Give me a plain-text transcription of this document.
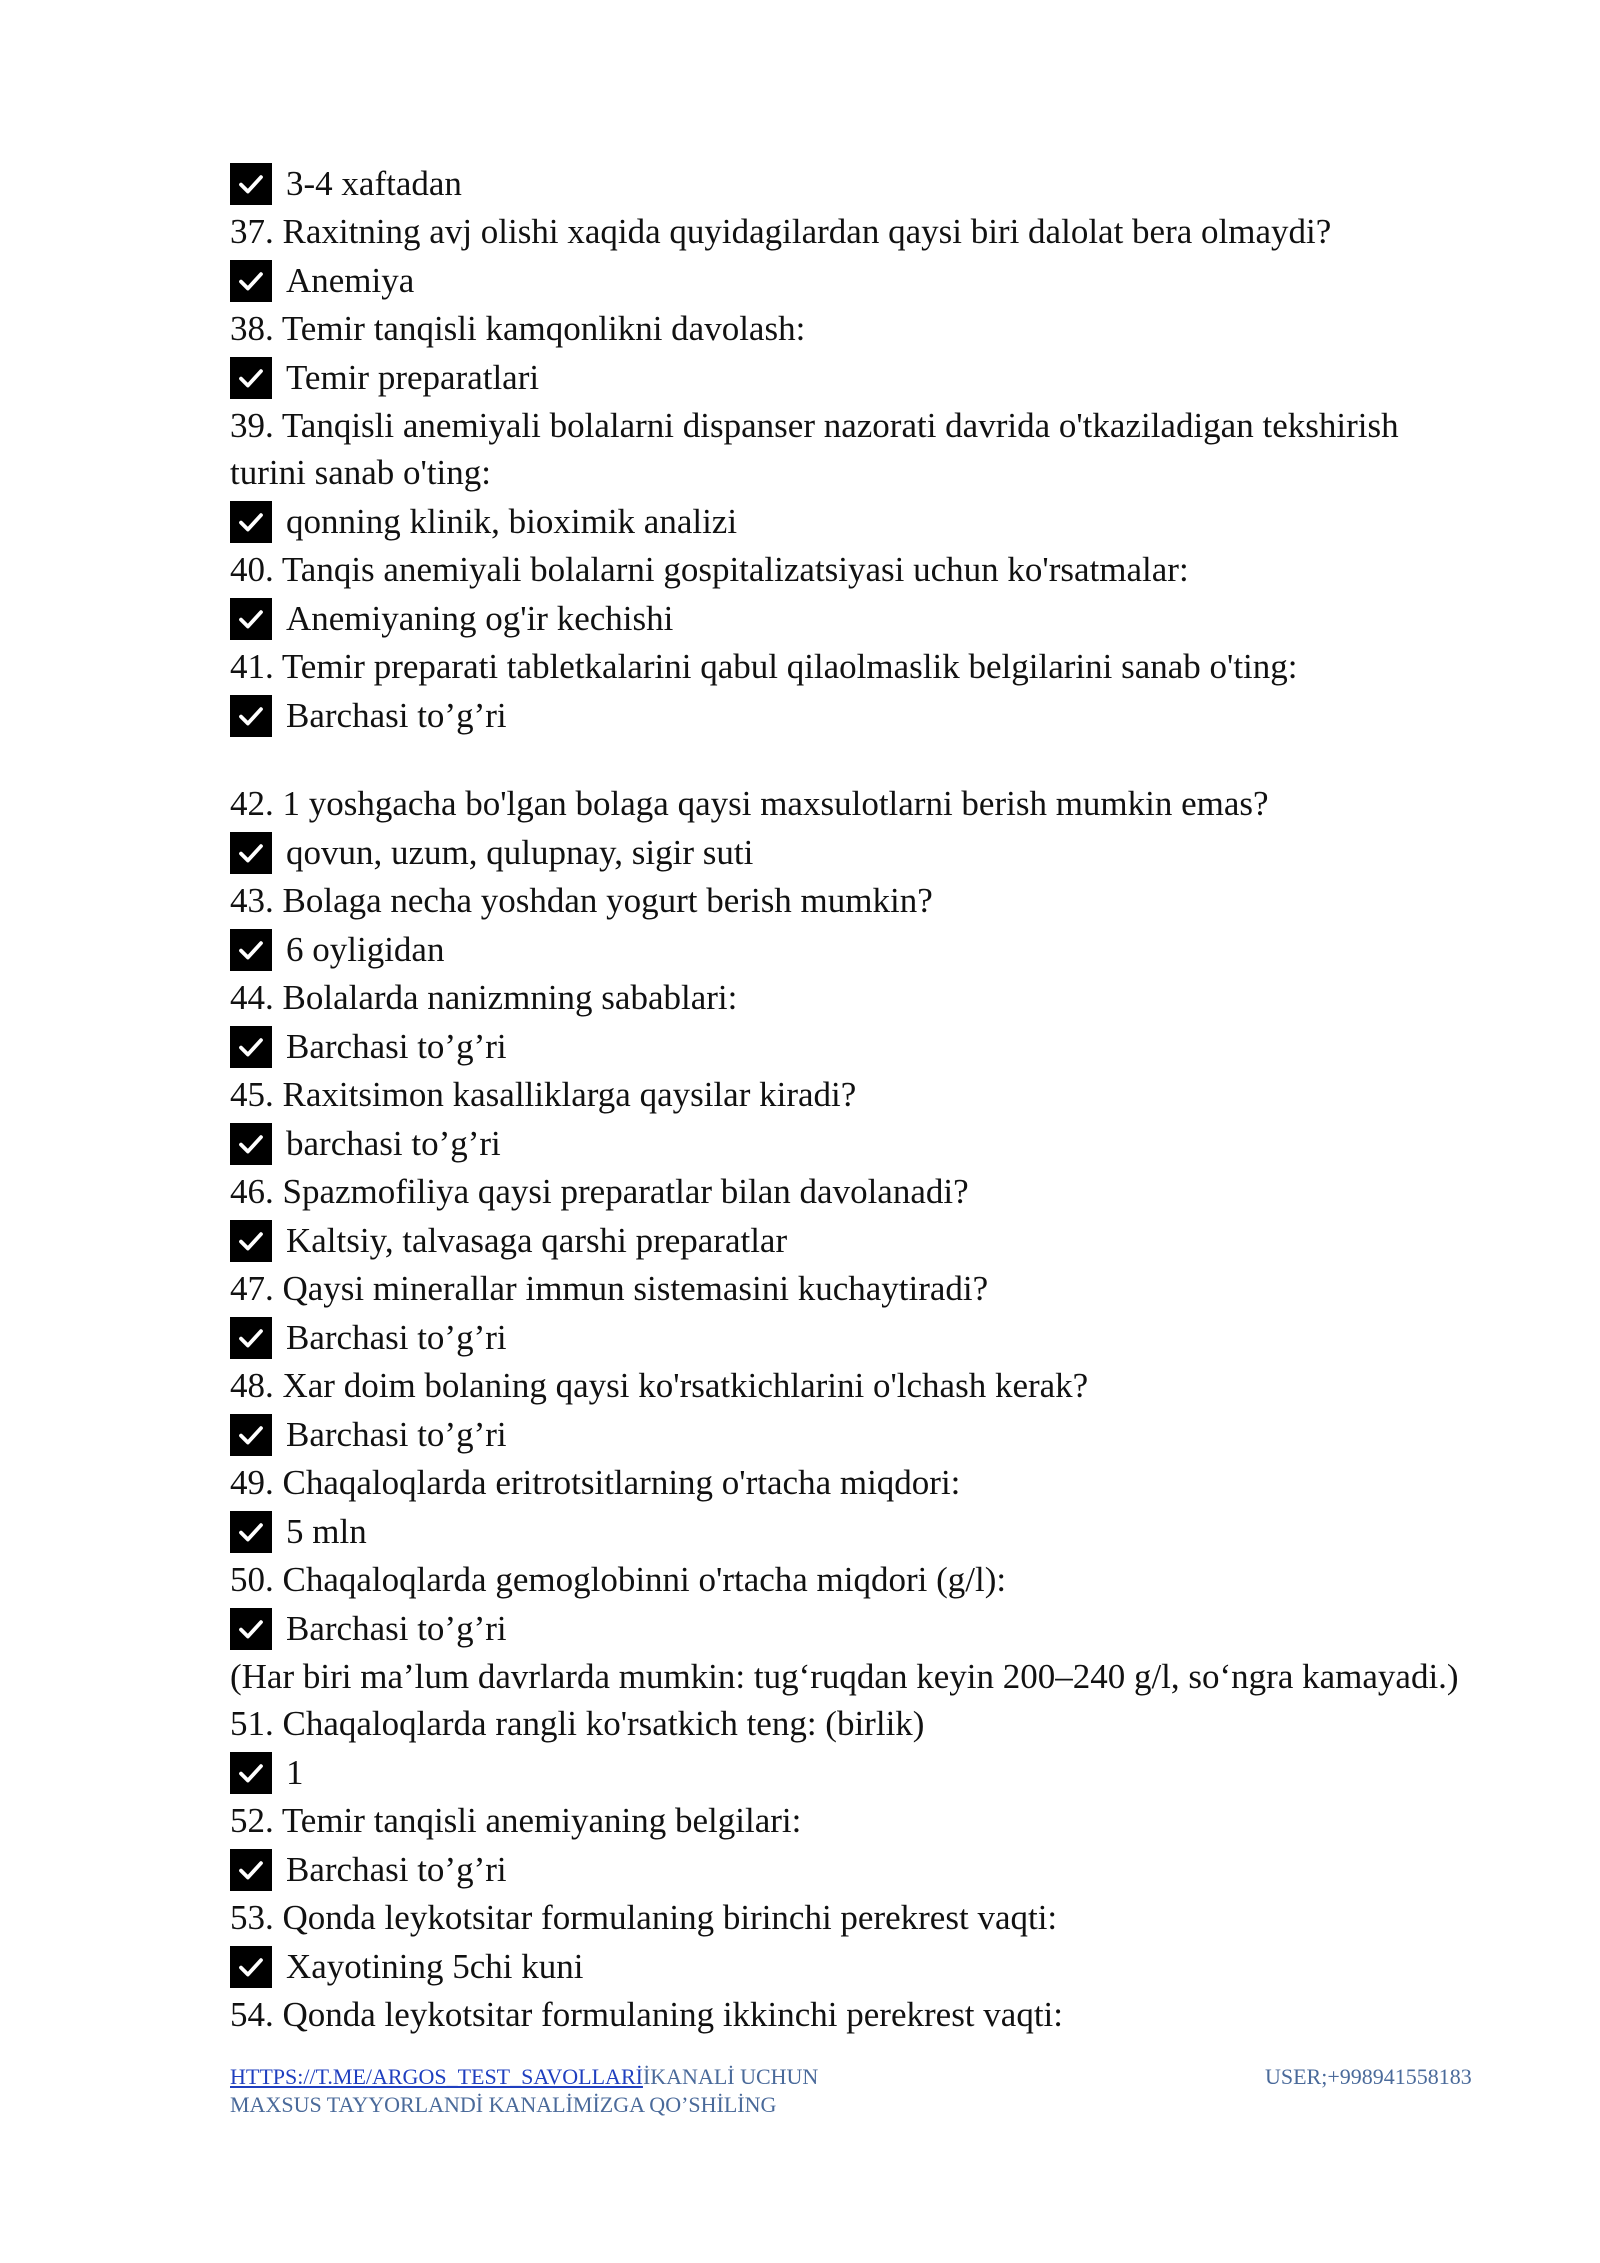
3-4 xaftadan
37. Raxitning avj olishi xaqida quyidagilardan qaysi biri dalolat bera olmaydi?
Anemiya
38. Temir tanqisli kamqonlikni davolash:
Temir preparatlari
39. Tanqisli anemiyali bolalarni dispanser nazorati davrida o'tkaziladigan tekshirish turini sanab o'ting:
qonning klinik, bioximik analizi
40. Tanqis anemiyali bolalarni gospitalizatsiyasi uchun ko'rsatmalar:
Anemiyaning og'ir kechishi
41. Temir preparati tabletkalarini qabul qilaolmaslik belgilarini sanab o'ting:
Barchasi to’g’ri
42. 1 yoshgacha bo'lgan bolaga qaysi maxsulotlarni berish mumkin emas?
qovun, uzum, qulupnay, sigir suti
43. Bolaga necha yoshdan yogurt berish mumkin?
6 oyligidan
44. Bolalarda nanizmning sabablari:
Barchasi to’g’ri
45. Raxitsimon kasalliklarga qaysilar kiradi?
barchasi to’g’ri
46. Spazmofiliya qaysi preparatlar bilan davolanadi?
Kaltsiy, talvasaga qarshi preparatlar
47. Qaysi minerallar immun sistemasini kuchaytiradi?
Barchasi to’g’ri
48. Xar doim bolaning qaysi ko'rsatkichlarini o'lchash kerak?
Barchasi to’g’ri
49. Chaqaloqlarda eritrotsitlarning o'rtacha miqdori:
5 mln
50. Chaqaloqlarda gemoglobinni o'rtacha miqdori (g/l):
Barchasi to’g’ri
(Har biri ma’lum davrlarda mumkin: tug‘ruqdan keyin 200–240 g/l, so‘ngra kamayadi.)
51. Chaqaloqlarda rangli ko'rsatkich teng: (birlik)
1
52. Temir tanqisli anemiyaning belgilari:
Barchasi to’g’ri
53. Qonda leykotsitar formulaning birinchi perekrest vaqti:
Xayotining 5chi kuni
54. Qonda leykotsitar formulaning ikkinchi perekrest vaqti:
HTTPS://T.ME/ARGOS_TEST_SAVOLLARİİKANALİ UCHUN MAXSUS TAYYORLANDİ KANALİMİZGA QO’SHİLİNG
USER;+998941558183
